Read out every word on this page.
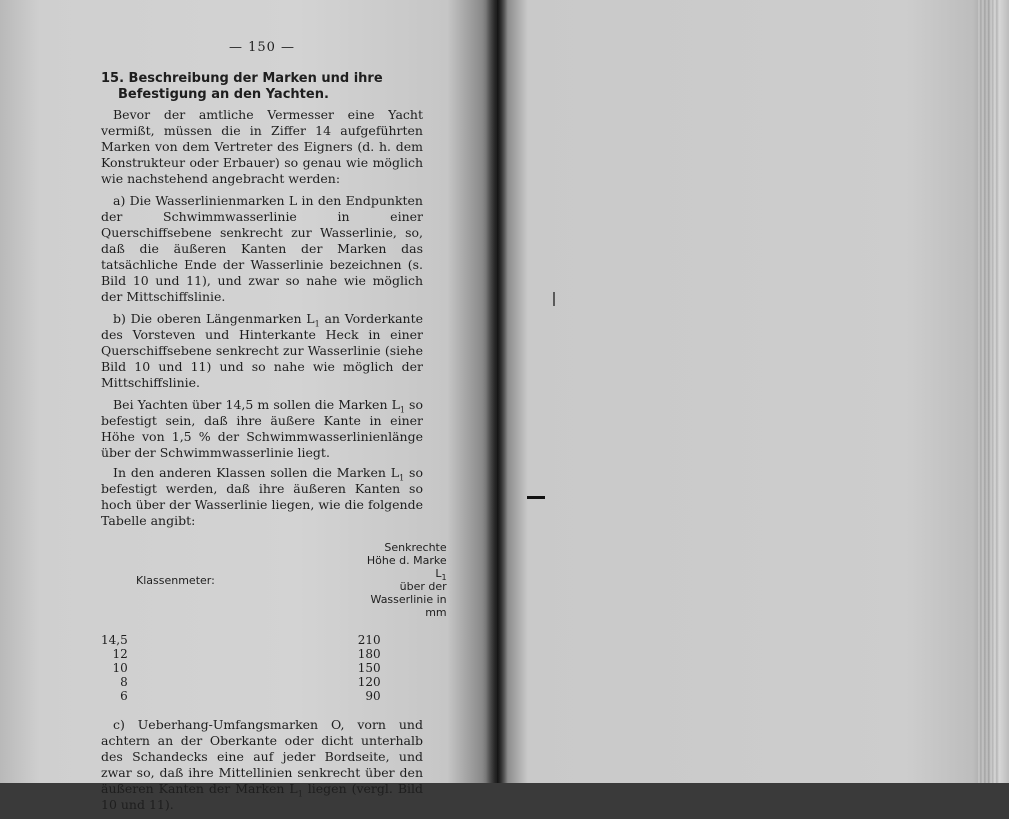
— 150 —
15. Beschreibung der Marken und ihre Befestigung an den Yachten.

Bevor der amtliche Vermesser eine Yacht vermißt, müssen die in Ziffer 14 aufgeführten Marken von dem Vertreter des Eigners (d. h. dem Konstrukteur oder Erbauer) so genau wie möglich wie nachstehend angebracht werden:

a) Die Wasserlinienmarken L in den Endpunkten der Schwimmwasserlinie in einer Querschiffsebene senkrecht zur Wasserlinie, so, daß die äußeren Kanten der Marken das tatsächliche Ende der Wasserlinie bezeichnen (s. Bild 10 und 11), und zwar so nahe wie möglich der Mittschiffslinie.

b) Die oberen Längenmarken $L_1$ an Vorderkante des Vorsteven und Hinterkante Heck in einer Querschiffsebene senkrecht zur Wasserlinie (siehe Bild 10 und 11) und so nahe wie möglich der Mittschiffslinie.

Bei Yachten über 14,5 m sollen die Marken $L_1$ so befestigt sein, daß ihre äußere Kante in einer Höhe von 1,5 % der Schwimmwasserlinienlänge über der Schwimmwasserlinie liegt.

In den anderen Klassen sollen die Marken $L_1$ so befestigt werden, daß ihre äußeren Kanten so hoch über der Wasserlinie liegen, wie die folgende Tabelle angibt:

Klassenmeter:	Senkrechte Höhe d. Marke $L_1$
über der Wasserlinie in mm

14,5	210
12	180
10	150
8	120
6	90

c) Ueberhang-Umfangsmarken O, vorn und achtern an der Oberkante oder dicht unterhalb des Schandecks eine auf jeder Bordseite, und zwar so, daß ihre Mittellinien senkrecht über den äußeren Kanten der Marken $L_1$ liegen (vergl. Bild 10 und 11).
